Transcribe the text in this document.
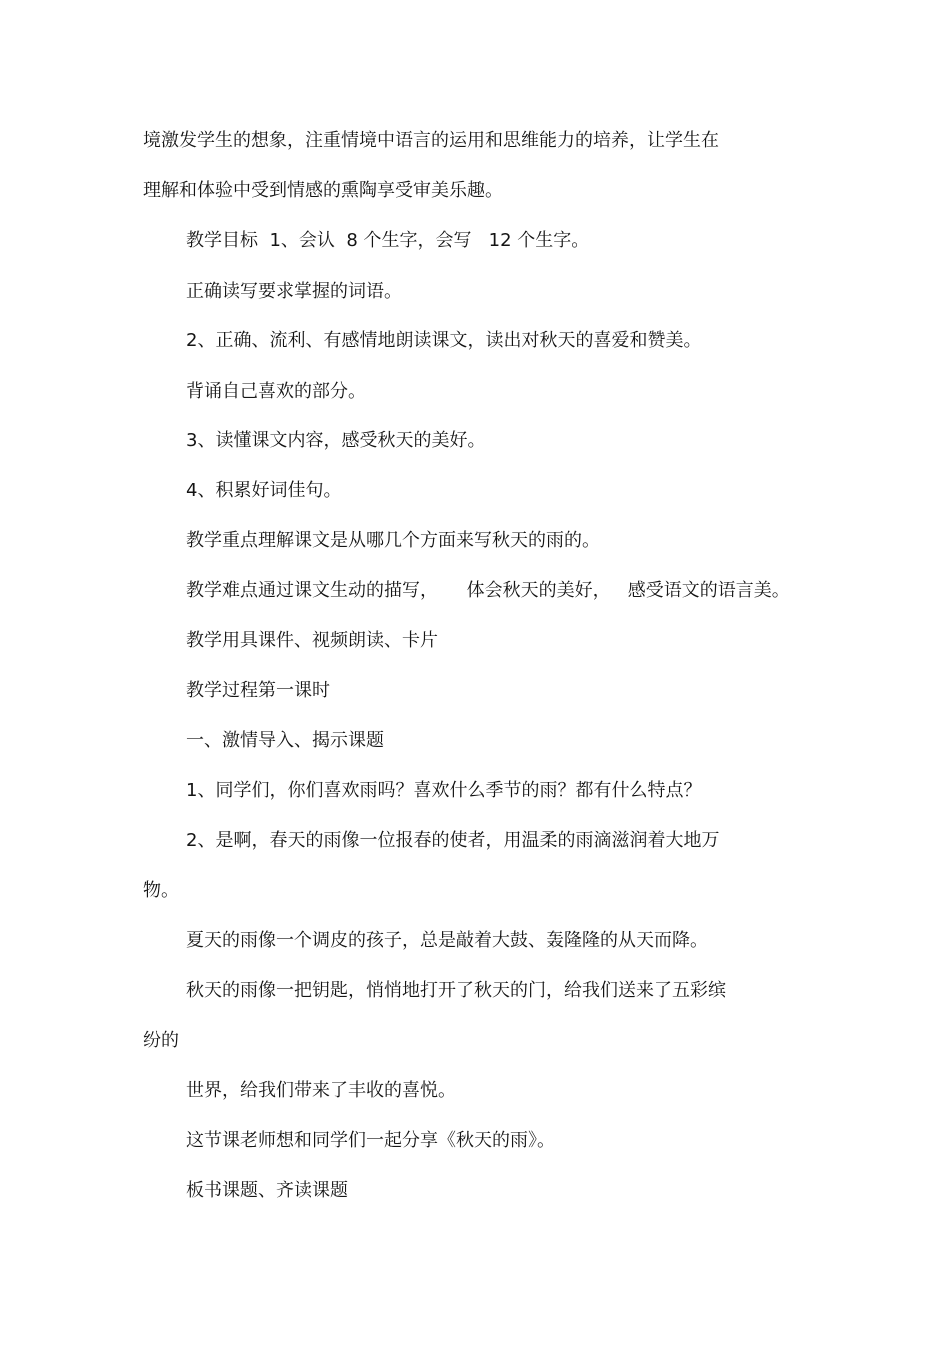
境激发学生的想象，注重情境中语言的运用和思维能力的培养，让学生在
理解和体验中受到情感的熏陶享受审美乐趣。
教学目标  1、会认  8 个生字，会写   12 个生字。
正确读写要求掌握的词语。
2、正确、流利、有感情地朗读课文，读出对秋天的喜爱和赞美。
背诵自己喜欢的部分。
3、读懂课文内容，感受秋天的美好。
4、积累好词佳句。
教学重点理解课文是从哪几个方面来写秋天的雨的。
教学难点通过课文生动的描写，     体会秋天的美好，   感受语文的语言美。
教学用具课件、视频朗读、卡片
教学过程第一课时
一、激情导入、揭示课题
1、同学们，你们喜欢雨吗？喜欢什么季节的雨？都有什么特点？
2、是啊，春天的雨像一位报春的使者，用温柔的雨滴滋润着大地万
物。
夏天的雨像一个调皮的孩子，总是敲着大鼓、轰隆隆的从天而降。
秋天的雨像一把钥匙，悄悄地打开了秋天的门，给我们送来了五彩缤
纷的
世界，给我们带来了丰收的喜悦。
这节课老师想和同学们一起分享《秋天的雨》。
板书课题、齐读课题
